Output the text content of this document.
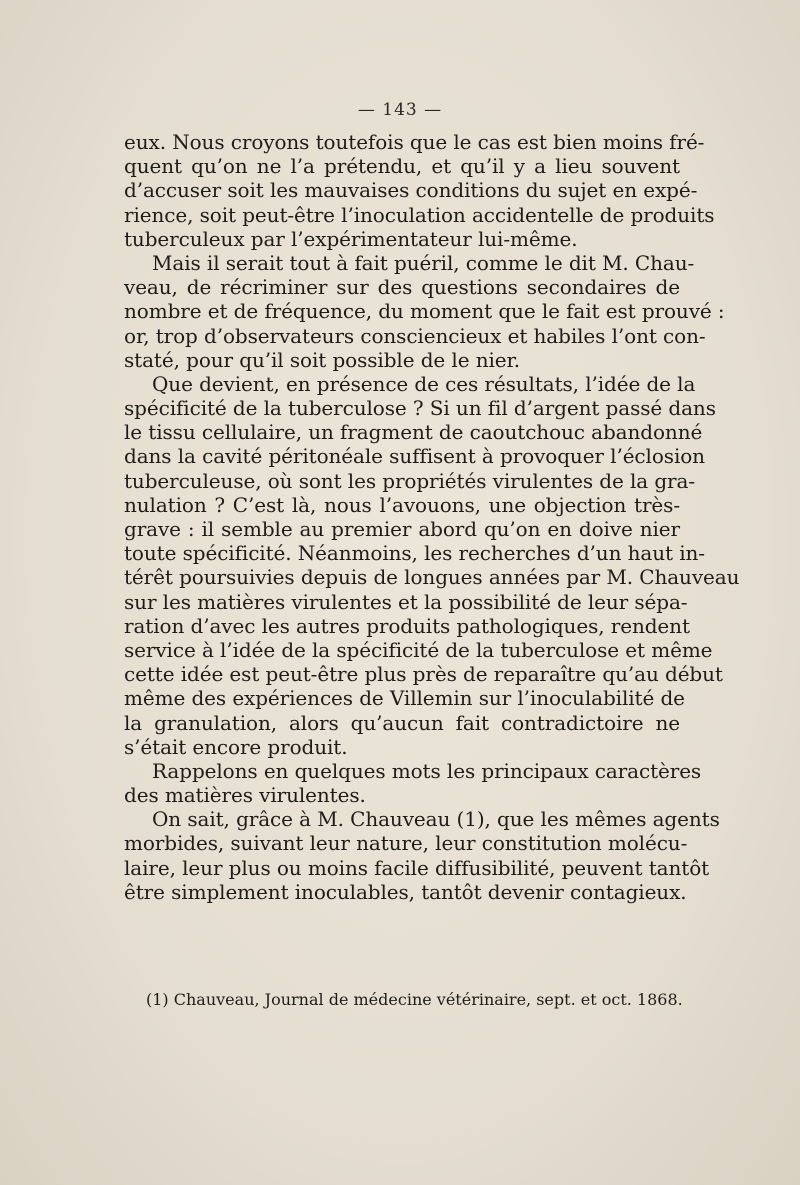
— 143 —
eux. Nous croyons toutefois que le cas est bien moins fré-
quent qu’on ne l’a prétendu, et qu’il y a lieu souvent
d’accuser soit les mauvaises conditions du sujet en expé-
rience, soit peut-être l’inoculation accidentelle de produits
tuberculeux par l’expérimentateur lui-même.
Mais il serait tout à fait puéril, comme le dit M. Chau-
veau, de récriminer sur des questions secondaires de
nombre et de fréquence, du moment que le fait est prouvé :
or, trop d’observateurs consciencieux et habiles l’ont con-
staté, pour qu’il soit possible de le nier.
Que devient, en présence de ces résultats, l’idée de la
spécificité de la tuberculose ? Si un fil d’argent passé dans
le tissu cellulaire, un fragment de caoutchouc abandonné
dans la cavité péritonéale suffisent à provoquer l’éclosion
tuberculeuse, où sont les propriétés virulentes de la gra-
nulation ? C’est là, nous l’avouons, une objection très-
grave : il semble au premier abord qu’on en doive nier
toute spécificité. Néanmoins, les recherches d’un haut in-
térêt poursuivies depuis de longues années par M. Chauveau
sur les matières virulentes et la possibilité de leur sépa-
ration d’avec les autres produits pathologiques, rendent
service à l’idée de la spécificité de la tuberculose et même
cette idée est peut-être plus près de reparaître qu’au début
même des expériences de Villemin sur l’inoculabilité de
la granulation, alors qu’aucun fait contradictoire ne
s’était encore produit.
Rappelons en quelques mots les principaux caractères
des matières virulentes.
On sait, grâce à M. Chauveau (1), que les mêmes agents
morbides, suivant leur nature, leur constitution molécu-
laire, leur plus ou moins facile diffusibilité, peuvent tantôt
être simplement inoculables, tantôt devenir contagieux.
(1) Chauveau, Journal de médecine vétérinaire, sept. et oct. 1868.
